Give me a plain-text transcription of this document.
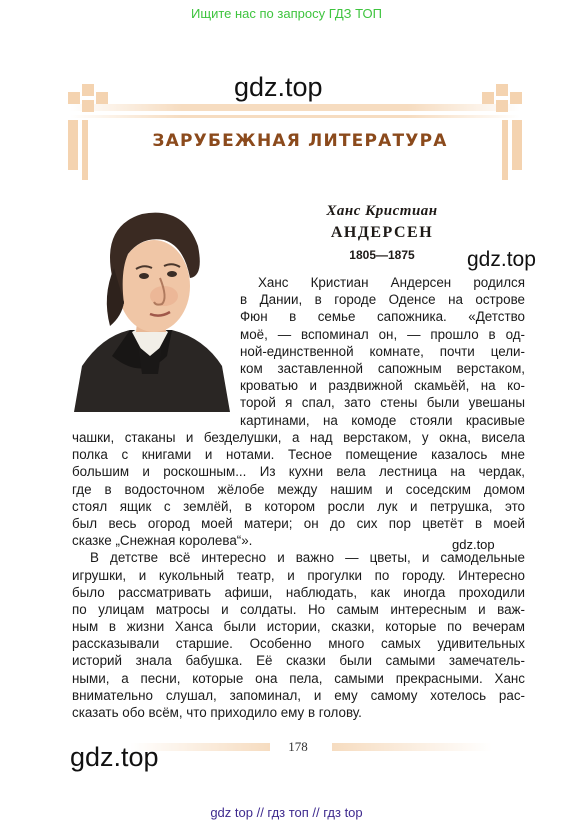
Ищите нас по запросу ГДЗ ТОП
gdz.top
ЗАРУБЕЖНАЯ ЛИТЕРАТУРА
Ханс Кристиан
АНДЕРСЕН
1805—1875	gdz.top
Ханс Кристиан Андерсен родился
в Дании, в городе Оденсе на острове
Фюн в семье сапожника. «Детство
моё, — вспоминал он, — прошло в од-
ной-единственной комнате, почти цели-
ком заставленной сапожным верстаком,
кроватью и раздвижной скамьёй, на ко-
торой я спал, зато стены были увешаны
картинами, на комоде стояли красивые
чашки, стаканы и безделушки, а над верстаком, у окна, висела
полка с книгами и нотами. Тесное помещение казалось мне
большим и роскошным... Из кухни вела лестница на чердак,
где в водосточном жёлобе между нашим и соседским домом
стоял ящик с землёй, в котором росли лук и петрушка, это
был весь огород моей матери; он до сих пор цветёт в моей
сказке „Снежная королева“».
В детстве всё интересно и важно — цветы, и самодельные
игрушки, и кукольный театр, и прогулки по городу. Интересно
было рассматривать афиши, наблюдать, как иногда проходили
по улицам матросы и солдаты. Но самым интересным и важ-
ным в жизни Ханса были истории, сказки, которые по вечерам
рассказывали старшие. Особенно много самых удивительных
историй знала бабушка. Её сказки были самыми замечатель-
ными, а песни, которые она пела, самыми прекрасными. Ханс
внимательно слушал, запоминал, и ему самому хотелось рас-
сказать обо всём, что приходило ему в голову.
gdz.top
178
gdz.top
gdz top // гдз топ // гдз top
